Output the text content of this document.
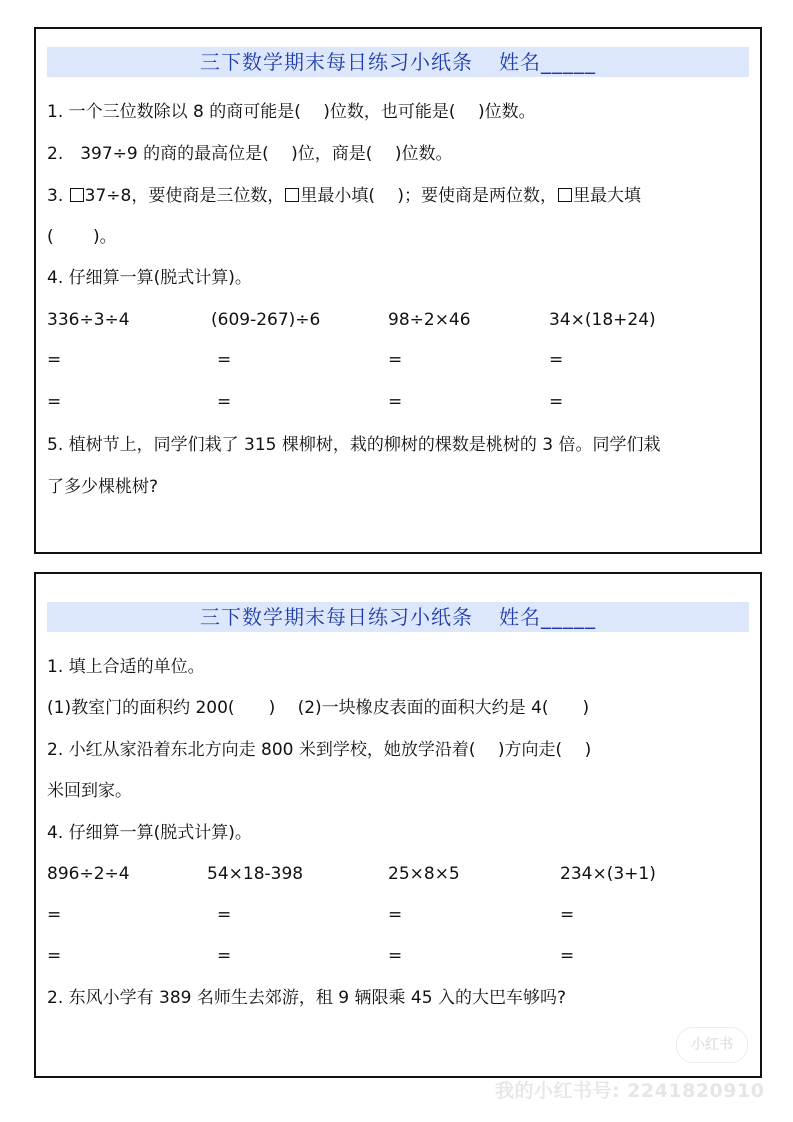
三下数学期末每日练习小纸条 姓名_____
1. 一个三位数除以 8 的商可能是(　 )位数，也可能是(　 )位数。
2.　397÷9 的商的最高位是(　 )位，商是(　 )位数。
3. 37÷8，要使商是三位数， 里最小填(　 )；要使商是两位数， 里最大填
(　　 )。
4. 仔细算一算(脱式计算)。
336÷3÷4	(609-267)÷6	98÷2×46	34×(18+24)
=	=	=	=
=	=	=	=
5. 植树节上，同学们栽了 315 棵柳树，栽的柳树的棵数是桃树的 3 倍。同学们栽
了多少棵桃树?
三下数学期末每日练习小纸条 姓名_____
1. 填上合适的单位。
(1)教室门的面积约 200(　　)　 (2)一块橡皮表面的面积大约是 4(　　)
2. 小红从家沿着东北方向走 800 米到学校，她放学沿着(　 )方向走(　 )
米回到家。
4. 仔细算一算(脱式计算)。
896÷2÷4	54×18-398	25×8×5	234×(3+1)
=	=	=	=
=	=	=	=
2. 东风小学有 389 名师生去郊游，租 9 辆限乘 45 入的大巴车够吗?
小红书
我的小红书号: 2241820910
